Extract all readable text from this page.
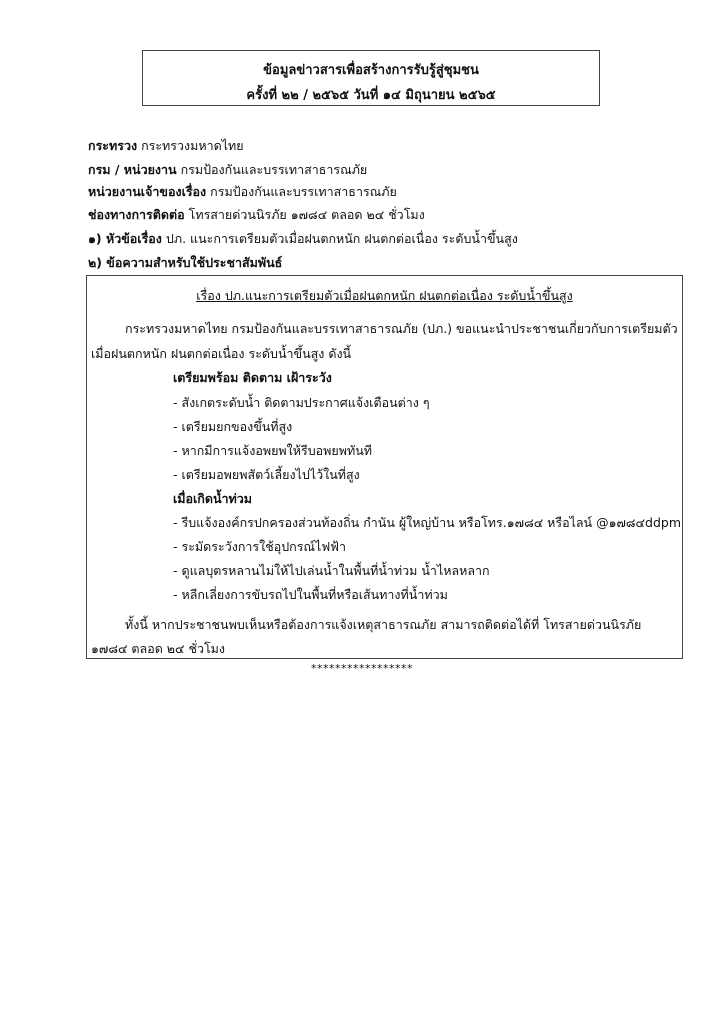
ข้อมูลข่าวสารเพื่อสร้างการรับรู้สู่ชุมชน
ครั้งที่ ๒๒ / ๒๕๖๕ วันที่ ๑๔ มิถุนายน ๒๕๖๕
กระทรวง กระทรวงมหาดไทย
กรม / หน่วยงาน กรมป้องกันและบรรเทาสาธารณภัย
หน่วยงานเจ้าของเรื่อง กรมป้องกันและบรรเทาสาธารณภัย
ช่องทางการติดต่อ โทรสายด่วนนิรภัย ๑๗๘๔ ตลอด ๒๔ ชั่วโมง
๑) หัวข้อเรื่อง ปภ. แนะการเตรียมตัวเมื่อฝนตกหนัก ฝนตกต่อเนื่อง ระดับน้ำขึ้นสูง
๒) ข้อความสำหรับใช้ประชาสัมพันธ์
เรื่อง ปภ.แนะการเตรียมตัวเมื่อฝนตกหนัก ฝนตกต่อเนื่อง ระดับน้ำขึ้นสูง
กระทรวงมหาดไทย กรมป้องกันและบรรเทาสาธารณภัย (ปภ.) ขอแนะนำประชาชนเกี่ยวกับการเตรียมตัว
เมื่อฝนตกหนัก ฝนตกต่อเนื่อง ระดับน้ำขึ้นสูง ดังนี้
เตรียมพร้อม ติดตาม เฝ้าระวัง
- สังเกตระดับน้ำ ติดตามประกาศแจ้งเตือนต่าง ๆ
- เตรียมยกของขึ้นที่สูง
- หากมีการแจ้งอพยพให้รีบอพยพทันที
- เตรียมอพยพสัตว์เลี้ยงไปไว้ในที่สูง
เมื่อเกิดน้ำท่วม
- รีบแจ้งองค์กรปกครองส่วนท้องถิ่น กำนัน ผู้ใหญ่บ้าน หรือโทร.๑๗๘๔ หรือไลน์ @๑๗๘๔ddpm
- ระมัดระวังการใช้อุปกรณ์ไฟฟ้า
- ดูแลบุตรหลานไม่ให้ไปเล่นน้ำในพื้นที่น้ำท่วม น้ำไหลหลาก
- หลีกเลี่ยงการขับรถไปในพื้นที่หรือเส้นทางที่น้ำท่วม
ทั้งนี้ หากประชาชนพบเห็นหรือต้องการแจ้งเหตุสาธารณภัย สามารถติดต่อได้ที่ โทรสายด่วนนิรภัย
๑๗๘๔ ตลอด ๒๔ ชั่วโมง
*****************
